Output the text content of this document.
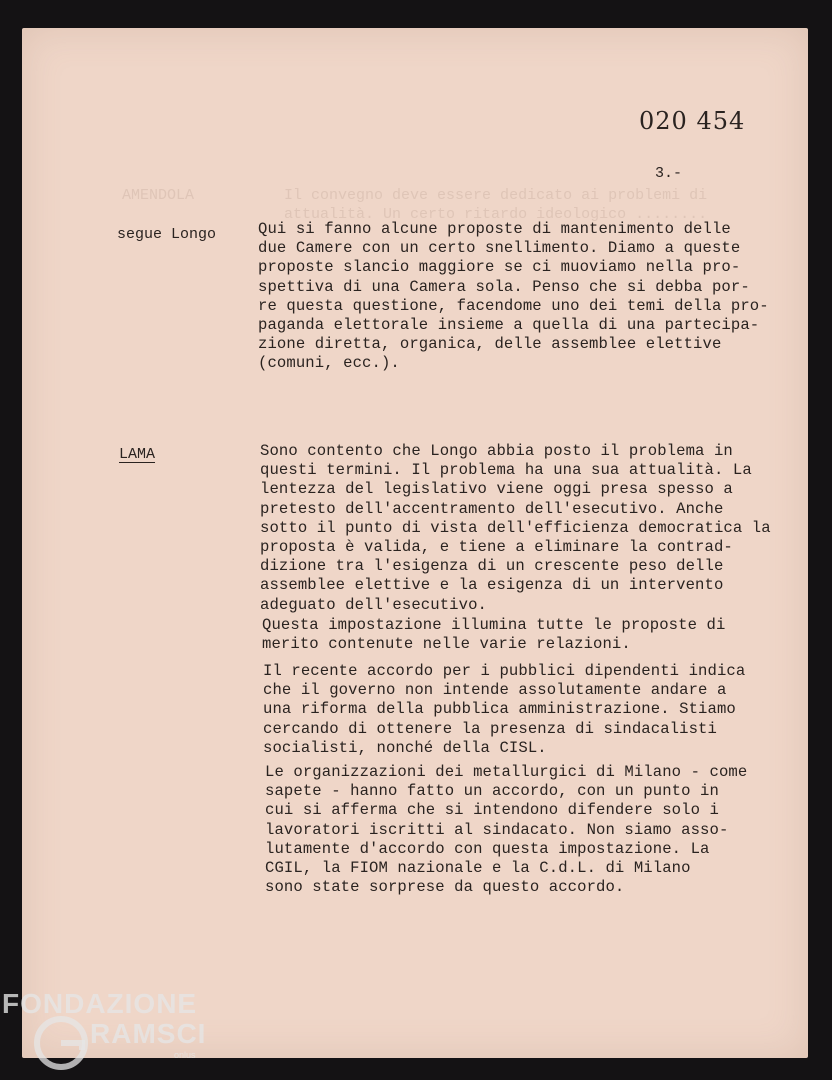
AMENDOLA          Il convegno deve essere dedicato ai problemi di
attualità. Un certo ritardo ideologico ........
020 454
3.-
segue Longo	Qui si fanno alcune proposte di mantenimento delle
due Camere con un certo snellimento. Diamo a queste
proposte slancio maggiore se ci muoviamo nella pro-
spettiva di una Camera sola. Penso che si debba por-
re questa questione, facendome uno dei temi della pro-
paganda elettorale insieme a quella di una partecipa-
zione diretta, organica, delle assemblee elettive
(comuni, ecc.).
LAMA	Sono contento che Longo abbia posto il problema in
questi termini. Il problema ha una sua attualità. La
lentezza del legislativo viene oggi presa spesso a
pretesto dell'accentramento dell'esecutivo. Anche
sotto il punto di vista dell'efficienza democratica la
proposta è valida, e tiene a eliminare la contrad-
dizione tra l'esigenza di un crescente peso delle
assemblee elettive e la esigenza di un intervento
adeguato dell'esecutivo.
Questa impostazione illumina tutte le proposte di
merito contenute nelle varie relazioni.
Il recente accordo per i pubblici dipendenti indica
che il governo non intende assolutamente andare a
una riforma della pubblica amministrazione. Stiamo
cercando di ottenere la presenza di sindacalisti
socialisti, nonché della CISL.
Le organizzazioni dei metallurgici di Milano - come
sapete - hanno fatto un accordo, con un punto in
cui si afferma che si intendono difendere solo i
lavoratori iscritti al sindacato. Non siamo asso-
lutamente d'accordo con questa impostazione. La
CGIL, la FIOM nazionale e la C.d.L. di Milano
sono state sorprese da questo accordo.
FONDAZIONE
RAMSCI
onlus
